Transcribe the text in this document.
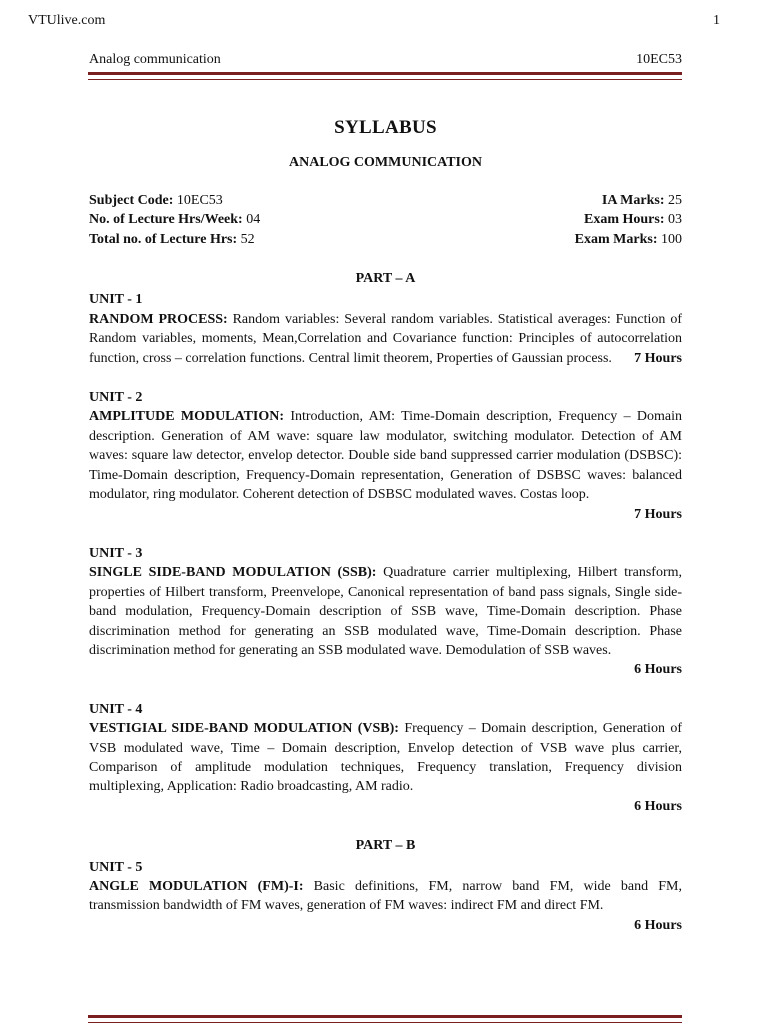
VTUlive.com	1
Analog communication	10EC53
SYLLABUS
ANALOG COMMUNICATION
Subject Code: 10EC53	IA Marks: 25
No. of Lecture Hrs/Week: 04	Exam Hours: 03
Total no. of Lecture Hrs: 52	Exam Marks: 100
PART – A
UNIT - 1
RANDOM PROCESS: Random variables: Several random variables. Statistical averages: Function of Random variables, moments, Mean,Correlation and Covariance function: Principles of autocorrelation function, cross – correlation functions. Central limit theorem, Properties of Gaussian process.	7 Hours
UNIT - 2
AMPLITUDE MODULATION: Introduction, AM: Time-Domain description, Frequency – Domain description. Generation of AM wave: square law modulator, switching modulator. Detection of AM waves: square law detector, envelop detector. Double side band suppressed carrier modulation (DSBSC): Time-Domain description, Frequency-Domain representation, Generation of DSBSC waves: balanced modulator, ring modulator. Coherent detection of DSBSC modulated waves. Costas loop.
7 Hours
UNIT - 3
SINGLE SIDE-BAND MODULATION (SSB): Quadrature carrier multiplexing, Hilbert transform, properties of Hilbert transform, Preenvelope, Canonical representation of band pass signals, Single side-band modulation, Frequency-Domain description of SSB wave, Time-Domain description. Phase discrimination method for generating an SSB modulated wave, Time-Domain description. Phase discrimination method for generating an SSB modulated wave. Demodulation of SSB waves.
6 Hours
UNIT - 4
VESTIGIAL SIDE-BAND MODULATION (VSB): Frequency – Domain description, Generation of VSB modulated wave, Time – Domain description, Envelop detection of VSB wave plus carrier, Comparison of amplitude modulation techniques, Frequency translation, Frequency division multiplexing, Application: Radio broadcasting, AM radio.
6 Hours
PART – B
UNIT - 5
ANGLE MODULATION (FM)-I: Basic definitions, FM, narrow band FM, wide band FM, transmission bandwidth of FM waves, generation of FM waves: indirect FM and direct FM.
6 Hours
